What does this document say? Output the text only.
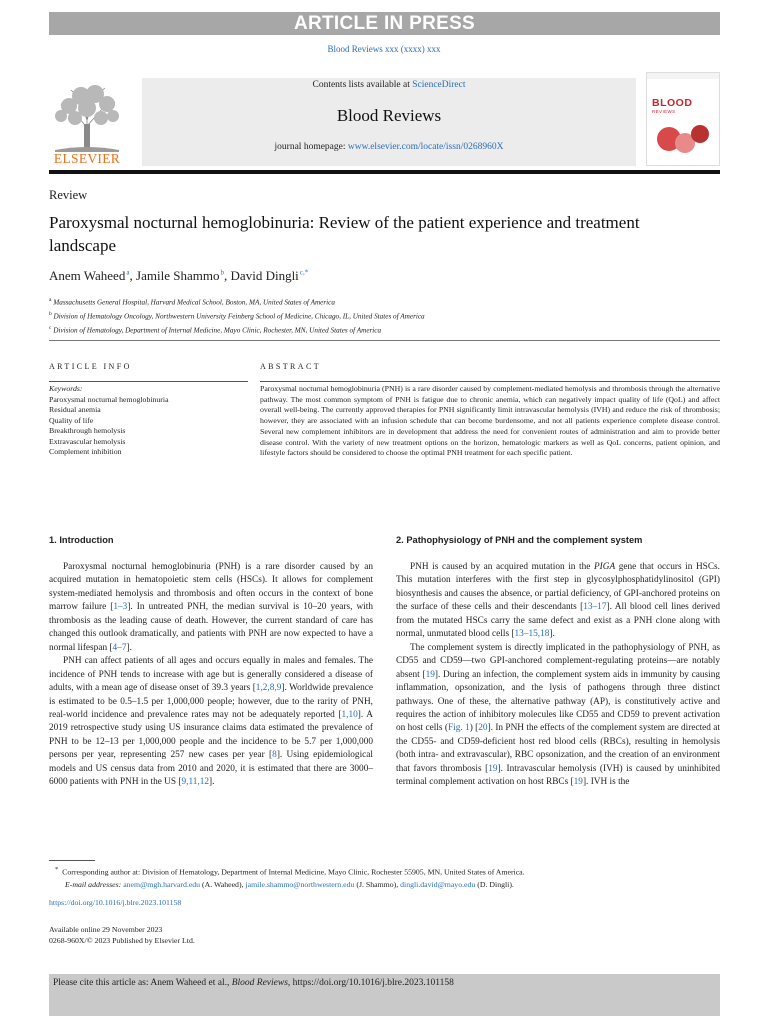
ARTICLE IN PRESS
Blood Reviews xxx (xxxx) xxx
ELSEVIER
Contents lists available at ScienceDirect
Blood Reviews
journal homepage: www.elsevier.com/locate/issn/0268960X
BLOOD
REVIEWS
Review
Paroxysmal nocturnal hemoglobinuria: Review of the patient experience and treatment landscape
Anem Waheed $^a$, Jamile Shammo $^b$, David Dingli $^{c,*}$
$^a$ Massachusetts General Hospital, Harvard Medical School, Boston, MA, United States of America
$^b$ Division of Hematology Oncology, Northwestern University Feinberg School of Medicine, Chicago, IL, United States of America
$^c$ Division of Hematology, Department of Internal Medicine, Mayo Clinic, Rochester, MN, United States of America
ARTICLE INFO
Keywords:
Paroxysmal nocturnal hemoglobinuria
Residual anemia
Quality of life
Breakthrough hemolysis
Extravascular hemolysis
Complement inhibition
ABSTRACT
Paroxysmal nocturnal hemoglobinuria (PNH) is a rare disorder caused by complement-mediated hemolysis and thrombosis through the alternative pathway. The most common symptom of PNH is fatigue due to chronic anemia, which can negatively impact quality of life (QoL) and affect overall well-being. The currently approved therapies for PNH significantly limit intravascular hemolysis (IVH) and reduce the risk of thrombosis; however, they are associated with an infusion schedule that can become burdensome, and not all patients experience complete disease control. Several new complement inhibitors are in development that address the need for convenient routes of administration and aim to provide better disease control. With the variety of new treatment options on the horizon, hematologic markers as well as QoL concerns, patient opinion, and lifestyle factors should be considered to choose the optimal PNH treatment for each specific patient.
1. Introduction	2. Pathophysiology of PNH and the complement system

Paroxysmal nocturnal hemoglobinuria (PNH) is a rare disorder caused by an acquired mutation in hematopoietic stem cells (HSCs). It allows for complement system-mediated hemolysis and thrombosis and often occurs in the context of bone marrow failure [1–3]. In untreated PNH, the median survival is 10–20 years, with thrombosis as the leading cause of death. However, the current standard of care has changed this outlook dramatically, and patients with PNH are now expected to have a normal lifespan [4–7].

PNH can affect patients of all ages and occurs equally in males and females. The incidence of PNH tends to increase with age but is generally considered a disease of adults, with a mean age of disease onset of 39.3 years [1,2,8,9]. Worldwide prevalence is estimated to be 0.5–1.5 per 1,000,000 people; however, due to the rarity of PNH, real-world incidence and prevalence rates may not be adequately reported [1,10]. A 2019 retrospective study using US insurance claims data estimated the prevalence of PNH to be 12–13 per 1,000,000 people and the incidence to be 5.7 per 1,000,000 persons per year, representing 257 new cases per year [8]. Using epidemiological models and US census data from 2010 and 2020, it is estimated that there are 3000–6000 patients with PNH in the US [9,11,12].

PNH is caused by an acquired mutation in the PIGA gene that occurs in HSCs. This mutation interferes with the first step in glycosylphosphatidylinositol (GPI) biosynthesis and causes the absence, or partial deficiency, of GPI-anchored proteins on the surface of these cells and their descendants [13–17]. All blood cell lines derived from the mutated HSCs carry the same defect and exist as a PNH clone along with normal, unmutated blood cells [13–15,18].

The complement system is directly implicated in the pathophysiology of PNH, as CD55 and CD59—two GPI-anchored complement-regulating proteins—are notably absent [19]. During an infection, the complement system aids in immunity by causing inflammation, opsonization, and the lysis of pathogens through three distinct pathways. One of these, the alternative pathway (AP), is constitutively active and requires the action of inhibitory molecules like CD55 and CD59 to prevent activation on host cells (Fig. 1) [20]. In PNH the effects of the complement system are directed at the CD55- and CD59-deficient host red blood cells (RBCs), resulting in hemolysis (both intra- and extravascular), RBC opsonization, and the creation of an environment that favors thrombosis [19]. Intravascular hemolysis (IVH) is caused by uninhibited terminal complement activation on host RBCs [19]. IVH is the

* Corresponding author at: Division of Hematology, Department of Internal Medicine, Mayo Clinic, Rochester 55905, MN, United States of America.
E-mail addresses: anem@mgh.harvard.edu (A. Waheed), jamile.shammo@northwestern.edu (J. Shammo), dingli.david@mayo.edu (D. Dingli).
https://doi.org/10.1016/j.blre.2023.101158
Available online 29 November 2023
0268-960X/© 2023 Published by Elsevier Ltd.
Please cite this article as: Anem Waheed et al., Blood Reviews, https://doi.org/10.1016/j.blre.2023.101158
